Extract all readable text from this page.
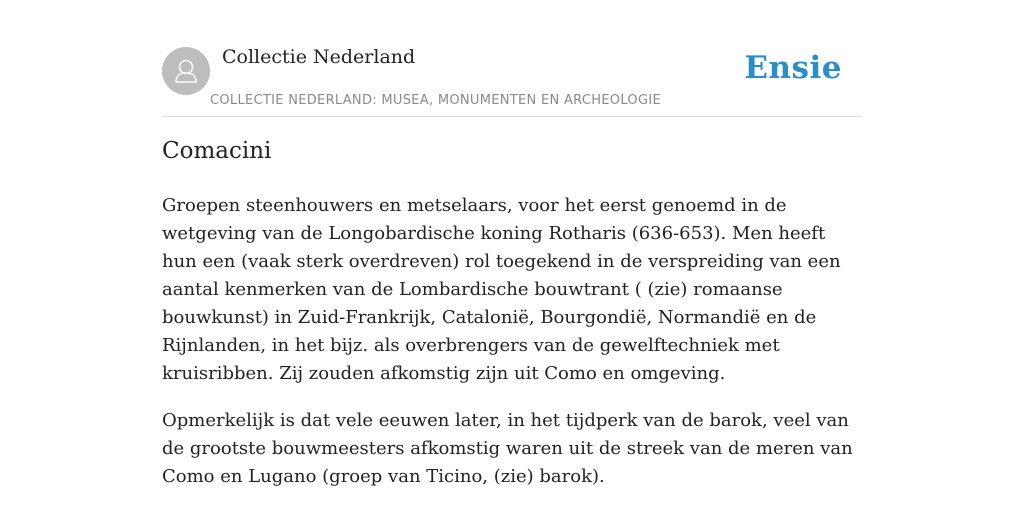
Collectie Nederland
COLLECTIE NEDERLAND: MUSEA, MONUMENTEN EN ARCHEOLOGIE
Ensie
Comacini

Groepen steenhouwers en metselaars, voor het eerst genoemd in de wetgeving van de Longobardische koning Rotharis (636-653). Men heeft hun een (vaak sterk overdreven) rol toegekend in de verspreiding van een aantal kenmerken van de Lombardische bouwtrant ( (zie) romaanse bouwkunst) in Zuid-Frankrijk, Catalonië, Bourgondië, Normandië en de Rijnlanden, in het bijz. als overbrengers van de gewelftechniek met kruisribben. Zij zouden afkomstig zijn uit Como en omgeving.

Opmerkelijk is dat vele eeuwen later, in het tijdperk van de barok, veel van de grootste bouwmeesters afkomstig waren uit de streek van de meren van Como en Lugano (groep van Ticino, (zie) barok).
